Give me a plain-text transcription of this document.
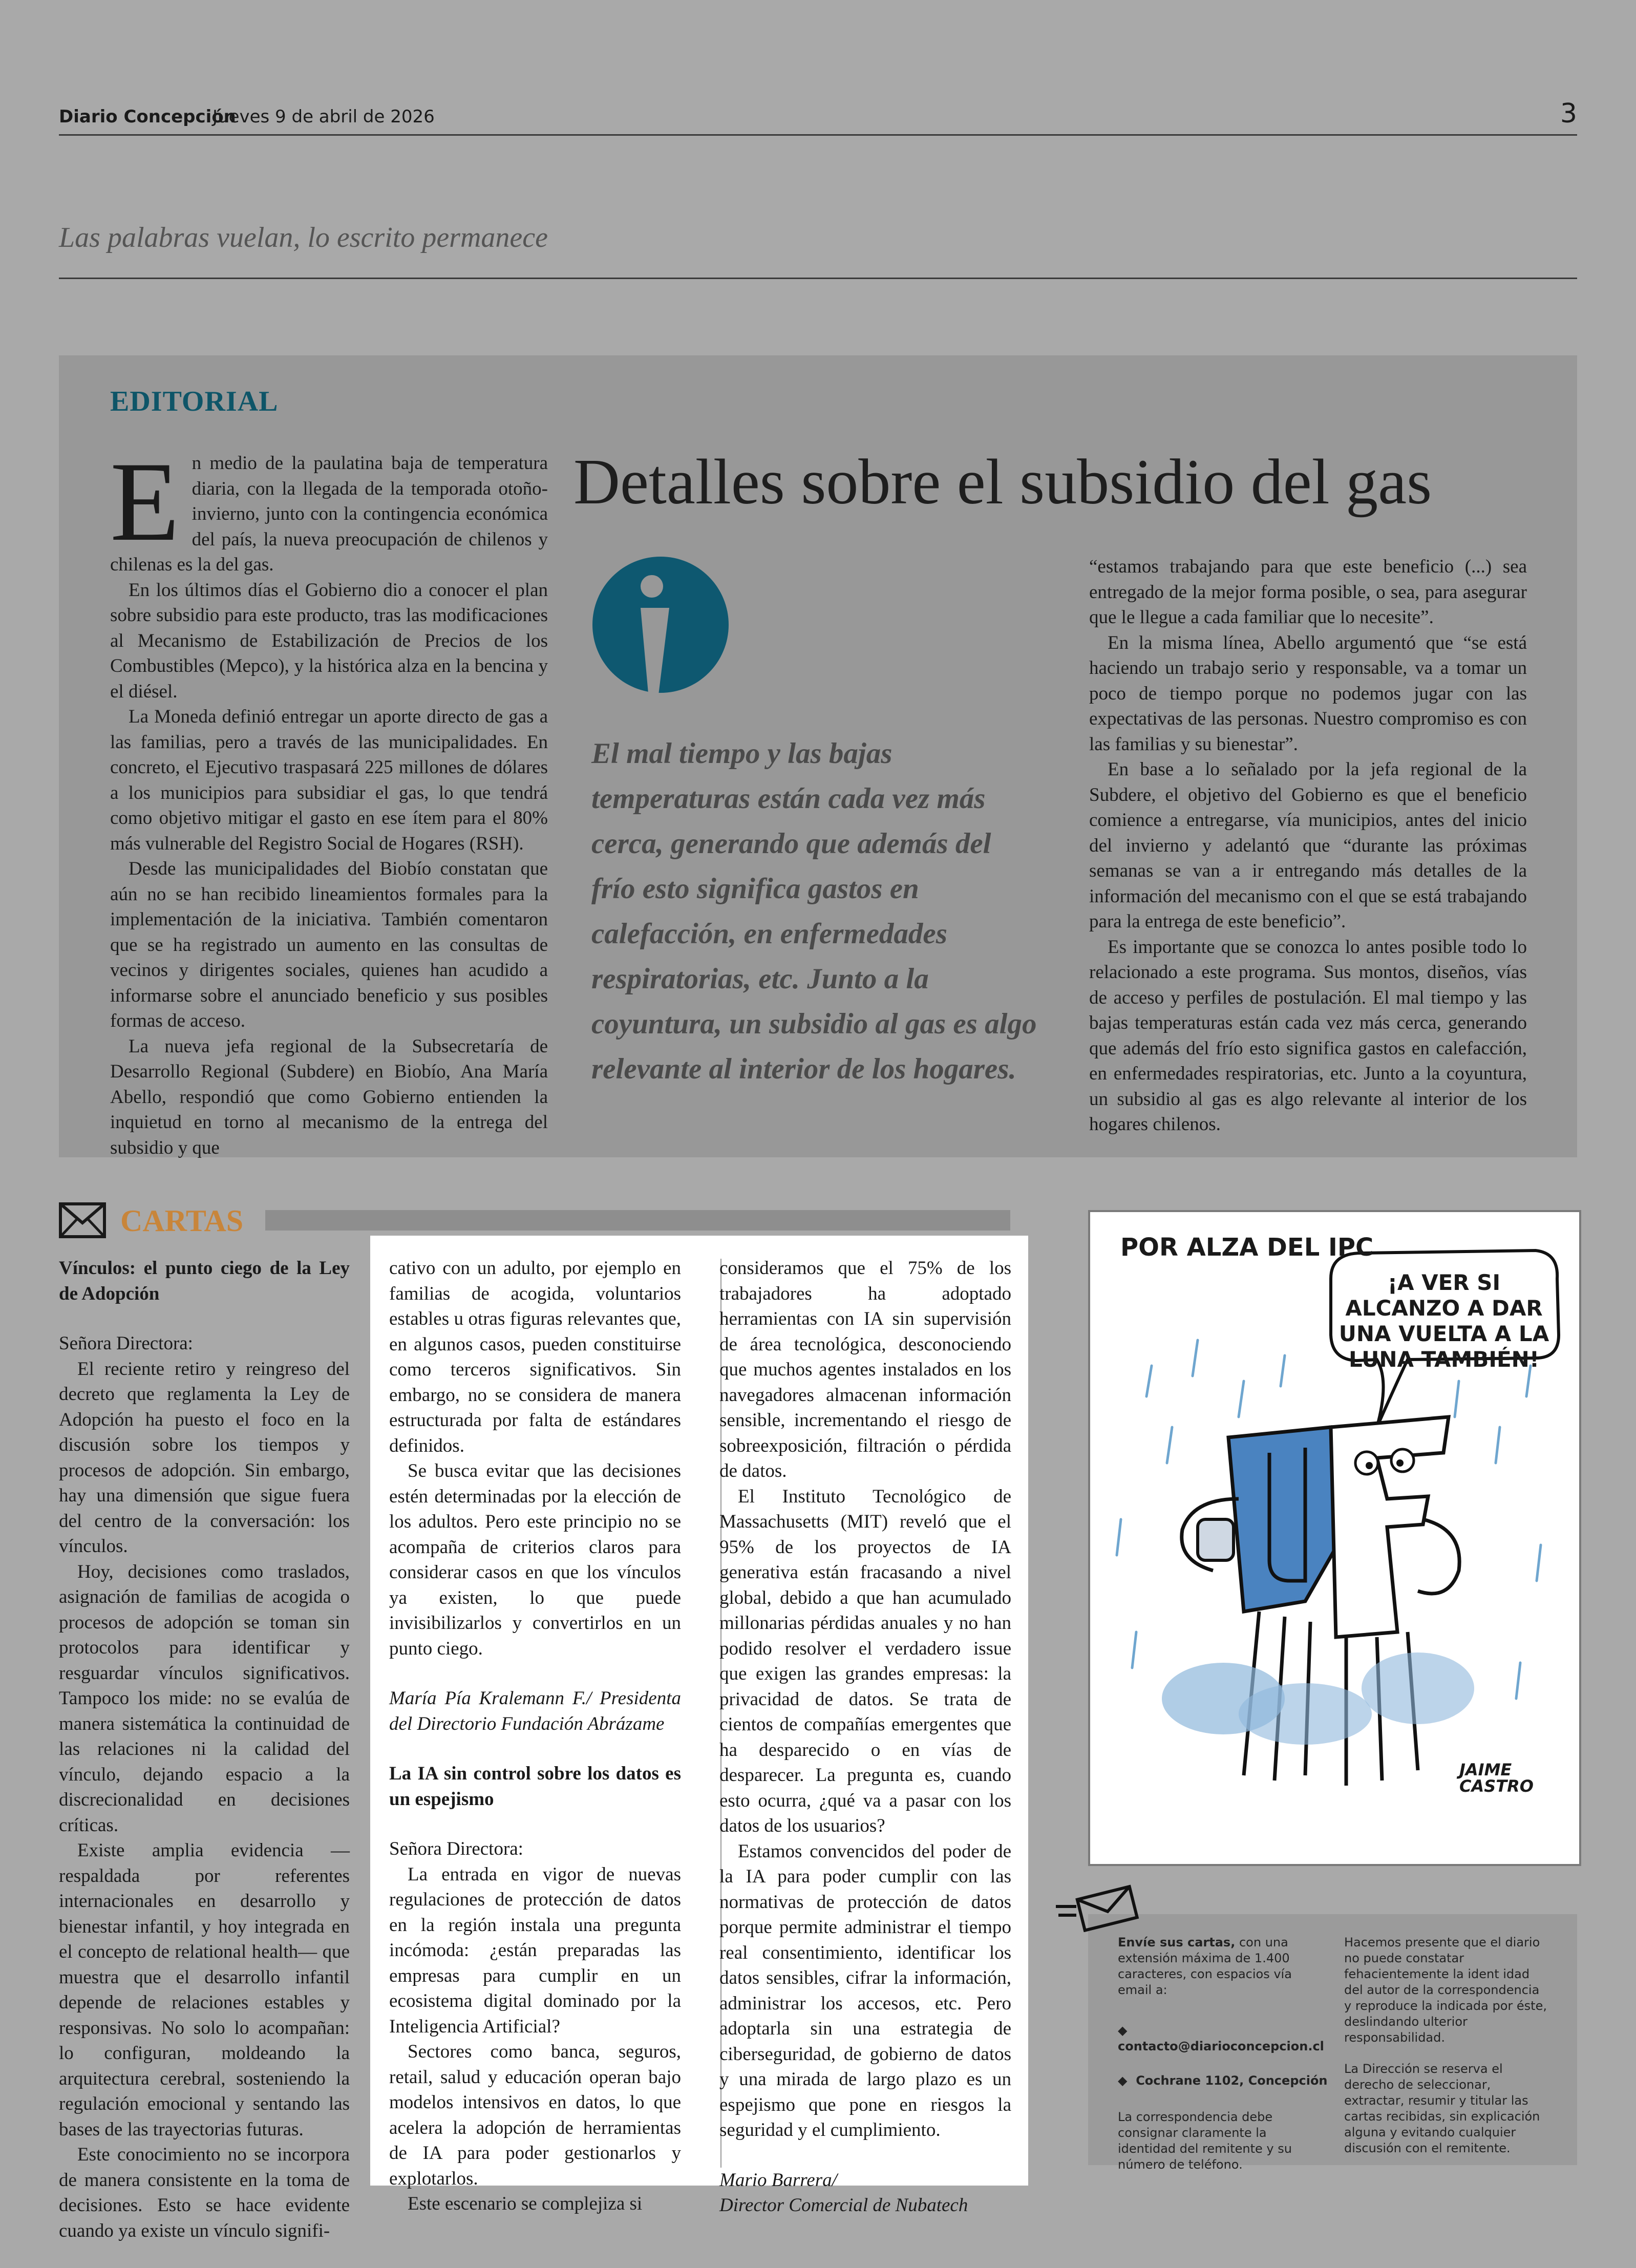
Diario Concepción
Jueves 9 de abril de 2026	3
Las palabras vuelan, lo escrito permanece
EDITORIAL
Detalles sobre el subsidio del gas

En medio de la paulatina baja de temperatura diaria, con la llegada de la temporada otoño-invierno, junto con la contingencia económica del país, la nueva preocupación de chilenos y chilenas es la del gas.

En los últimos días el Gobierno dio a conocer el plan sobre subsidio para este producto, tras las modificaciones al Mecanismo de Estabilización de Precios de los Combustibles (Mepco), y la histórica alza en la bencina y el diésel.

La Moneda definió entregar un aporte directo de gas a las familias, pero a través de las municipalidades. En concreto, el Ejecutivo traspasará 225 millones de dólares a los municipios para subsidiar el gas, lo que tendrá como objetivo mitigar el gasto en ese ítem para el 80% más vulnerable del Registro Social de Hogares (RSH).

Desde las municipalidades del Biobío constatan que aún no se han recibido lineamientos formales para la implementación de la iniciativa. También comentaron que se ha registrado un aumento en las consultas de vecinos y dirigentes sociales, quienes han acudido a informarse sobre el anunciado beneficio y sus posibles formas de acceso.

La nueva jefa regional de la Subsecretaría de Desarrollo Regional (Subdere) en Biobío, Ana María Abello, respondió que como Gobierno entienden la inquietud en torno al mecanismo de la entrega del subsidio y que

El mal tiempo y las bajas temperaturas están cada vez más cerca, generando que además del frío esto significa gastos en calefacción, en enfermedades respiratorias, etc. Junto a la coyuntura, un subsidio al gas es algo relevante al interior de los hogares.

“estamos trabajando para que este beneficio (...) sea entregado de la mejor forma posible, o sea, para asegurar que le llegue a cada familiar que lo necesite”.

En la misma línea, Abello argumentó que “se está haciendo un trabajo serio y responsable, va a tomar un poco de tiempo porque no podemos jugar con las expectativas de las personas. Nuestro compromiso es con las familias y su bienestar”.

En base a lo señalado por la jefa regional de la Subdere, el objetivo del Gobierno es que el beneficio comience a entregarse, vía municipios, antes del inicio del invierno y adelantó que “durante las próximas semanas se van a ir entregando más detalles de la información del mecanismo con el que se está trabajando para la entrega de este beneficio”.

Es importante que se conozca lo antes posible todo lo relacionado a este programa. Sus montos, diseños, vías de acceso y perfiles de postulación. El mal tiempo y las bajas temperaturas están cada vez más cerca, generando que además del frío esto significa gastos en calefacción, en enfermedades respiratorias, etc. Junto a la coyuntura, un subsidio al gas es algo relevante al interior de los hogares chilenos.

CARTAS

Vínculos: el punto ciego de la Ley de Adopción

Señora Directora:

El reciente retiro y reingreso del decreto que reglamenta la Ley de Adopción ha puesto el foco en la discusión sobre los tiempos y procesos de adopción. Sin embargo, hay una dimensión que sigue fuera del centro de la conversación: los vínculos.

Hoy, decisiones como traslados, asignación de familias de acogida o procesos de adopción se toman sin protocolos para identificar y resguardar vínculos significativos. Tampoco los mide: no se evalúa de manera sistemática la continuidad de las relaciones ni la calidad del vínculo, dejando espacio a la discrecionalidad en decisiones críticas.

Existe amplia evidencia —respaldada por referentes internacionales en desarrollo y bienestar infantil, y hoy integrada en el concepto de relational health— que muestra que el desarrollo infantil depende de relaciones estables y responsivas. No solo lo acompañan: lo configuran, moldeando la arquitectura cerebral, sosteniendo la regulación emocional y sentando las bases de las trayectorias futuras.

Este conocimiento no se incorpora de manera consistente en la toma de decisiones. Esto se hace evidente cuando ya existe un vínculo signifi-

cativo con un adulto, por ejemplo en familias de acogida, voluntarios estables u otras figuras relevantes que, en algunos casos, pueden constituirse como terceros significativos. Sin embargo, no se considera de manera estructurada por falta de estándares definidos.

Se busca evitar que las decisiones estén determinadas por la elección de los adultos. Pero este principio no se acompaña de criterios claros para considerar casos en que los vínculos ya existen, lo que puede invisibilizarlos y convertirlos en un punto ciego.

María Pía Kralemann F./ Presidenta del Directorio Fundación Abrázame

La IA sin control sobre los datos es un espejismo

Señora Directora:

La entrada en vigor de nuevas regulaciones de protección de datos en la región instala una pregunta incómoda: ¿están preparadas las empresas para cumplir en un ecosistema digital dominado por la Inteligencia Artificial?

Sectores como banca, seguros, retail, salud y educación operan bajo modelos intensivos en datos, lo que acelera la adopción de herramientas de IA para poder gestionarlos y explotarlos.

Este escenario se complejiza si

consideramos que el 75% de los trabajadores ha adoptado herramientas con IA sin supervisión de área tecnológica, desconociendo que muchos agentes instalados en los navegadores almacenan información sensible, incrementando el riesgo de sobreexposición, filtración o pérdida de datos.

El Instituto Tecnológico de Massachusetts (MIT) reveló que el 95% de los proyectos de IA generativa están fracasando a nivel global, debido a que han acumulado millonarias pérdidas anuales y no han podido resolver el verdadero issue que exigen las grandes empresas: la privacidad de datos. Se trata de cientos de compañías emergentes que ha desparecido o en vías de desparecer. La pregunta es, cuando esto ocurra, ¿qué va a pasar con los datos de los usuarios?

Estamos convencidos del poder de la IA para poder cumplir con las normativas de protección de datos porque permite administrar el tiempo real consentimiento, identificar los datos sensibles, cifrar la información, administrar los accesos, etc. Pero adoptarla sin una estrategia de ciberseguridad, de gobierno de datos y una mirada de largo plazo es un espejismo que pone en riesgos la seguridad y el cumplimiento.

Mario Barrera/

Director Comercial de Nubatech

POR ALZA DEL IPC
¡A VER SI ALCANZO A DAR UNA VUELTA A LA LUNA TAMBIÉN!
JAIME
CASTRO
Envíe sus cartas, con una extensión máxima de 1.400 caracteres, con espacios vía email a:
◆  contacto@diarioconcepcion.cl
◆ Cochrane 1102, Concepción
La correspondencia debe consignar claramente la identidad del remitente y su número de teléfono.
Hacemos presente que el diario no puede constatar fehacientemente la ident idad del autor de la correspondencia y reproduce la indicada por éste, deslindando ulterior responsabilidad.
La Dirección se reserva el derecho de seleccionar, extractar, resumir y titular las cartas recibidas, sin explicación alguna y evitando cualquier discusión con el remitente.
